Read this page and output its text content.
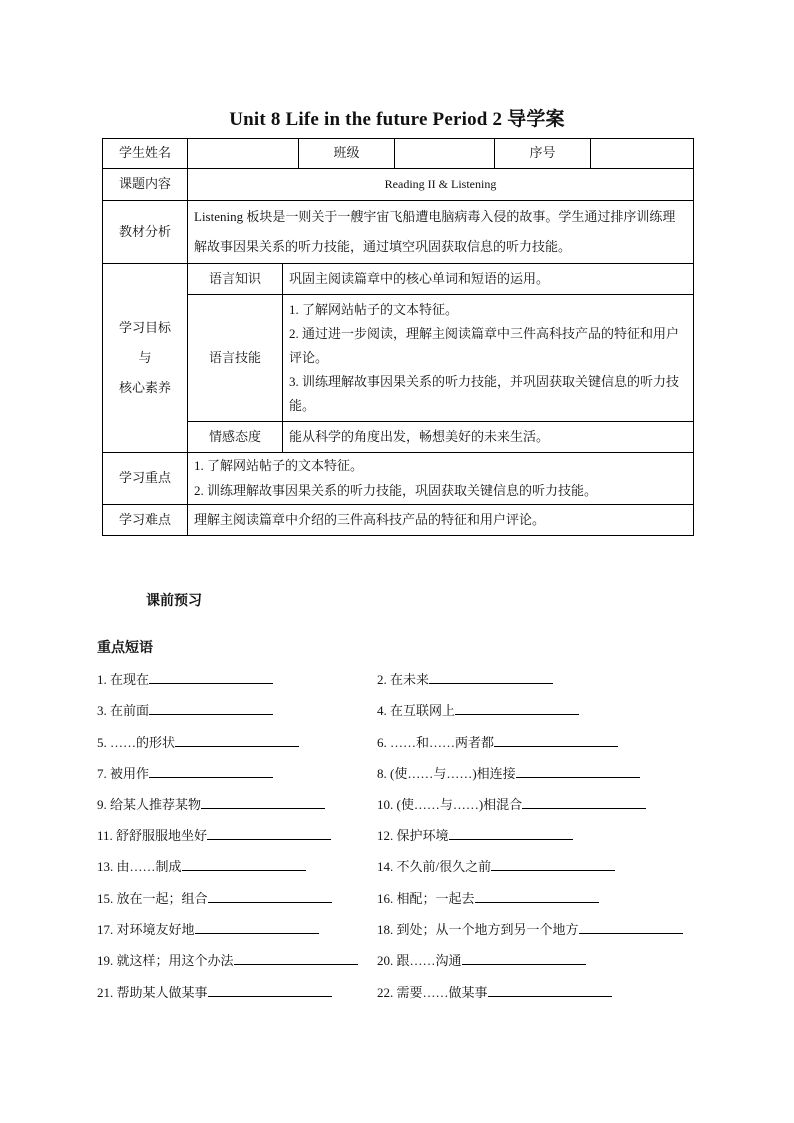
Unit 8 Life in the future Period 2 导学案
学生姓名			班级		序号	
课题内容	Reading II & Listening					
教材分析	Listening 板块是一则关于一艘宇宙飞船遭电脑病毒入侵的故事。学生通过排序训练理解故事因果关系的听力技能，通过填空巩固获取信息的听力技能。					

学习目标
与
核心素养	语言知识	巩固主阅读篇章中的核心单词和短语的运用。				
	语言技能	1. 了解网站帖子的文本特征。
2. 通过进一步阅读，理解主阅读篇章中三件高科技产品的特征和用户评论。
3. 训练理解故事因果关系的听力技能，并巩固获取关键信息的听力技能。				

	情感态度	能从科学的角度出发，畅想美好的未来生活。				
学习重点	1. 了解网站帖子的文本特征。
2. 训练理解故事因果关系的听力技能，巩固获取关键信息的听力技能。					

学习难点	理解主阅读篇章中介绍的三件高科技产品的特征和用户评论。					
课前预习
重点短语
1. 在现在	2. 在未来
3. 在前面	4. 在互联网上
5. ……的形状	6. ……和……两者都
7. 被用作	8. (使……与……)相连接
9. 给某人推荐某物	10. (使……与……)相混合
11. 舒舒服服地坐好	12. 保护环境
13. 由……制成	14. 不久前/很久之前
15. 放在一起；组合	16. 相配；一起去
17. 对环境友好地	18. 到处；从一个地方到另一个地方
19. 就这样；用这个办法	20. 跟……沟通
21. 帮助某人做某事	22. 需要……做某事
